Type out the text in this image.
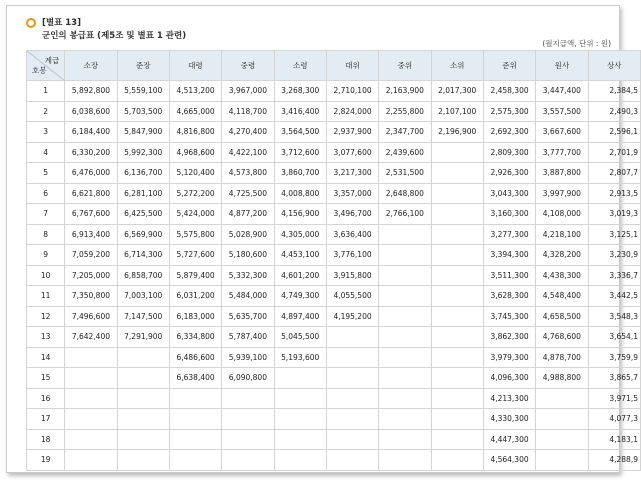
[별표 13]
군인의 봉급표 (제5조 및 별표 1 관련)
(월지급액, 단위 : 원)
계급
호봉	소장	준장	대령	중령	소령	대위	중위	소위	준위	원사	상사
1	5,892,800	5,559,100	4,513,200	3,967,000	3,268,300	2,710,100	2,163,900	2,017,300	2,458,300	3,447,400	2,384,5
2	6,038,600	5,703,500	4,665,000	4,118,700	3,416,400	2,824,000	2,255,800	2,107,100	2,575,300	3,557,500	2,490,3
3	6,184,400	5,847,900	4,816,800	4,270,400	3,564,500	2,937,900	2,347,700	2,196,900	2,692,300	3,667,600	2,596,1
4	6,330,200	5,992,300	4,968,600	4,422,100	3,712,600	3,077,600	2,439,600		2,809,300	3,777,700	2,701,9
5	6,476,000	6,136,700	5,120,400	4,573,800	3,860,700	3,217,300	2,531,500		2,926,300	3,887,800	2,807,7
6	6,621,800	6,281,100	5,272,200	4,725,500	4,008,800	3,357,000	2,648,800		3,043,300	3,997,900	2,913,5
7	6,767,600	6,425,500	5,424,000	4,877,200	4,156,900	3,496,700	2,766,100		3,160,300	4,108,000	3,019,3
8	6,913,400	6,569,900	5,575,800	5,028,900	4,305,000	3,636,400			3,277,300	4,218,100	3,125,1
9	7,059,200	6,714,300	5,727,600	5,180,600	4,453,100	3,776,100			3,394,300	4,328,200	3,230,9
10	7,205,000	6,858,700	5,879,400	5,332,300	4,601,200	3,915,800			3,511,300	4,438,300	3,336,7
11	7,350,800	7,003,100	6,031,200	5,484,000	4,749,300	4,055,500			3,628,300	4,548,400	3,442,5
12	7,496,600	7,147,500	6,183,000	5,635,700	4,897,400	4,195,200			3,745,300	4,658,500	3,548,3
13	7,642,400	7,291,900	6,334,800	5,787,400	5,045,500				3,862,300	4,768,600	3,654,1
14			6,486,600	5,939,100	5,193,600				3,979,300	4,878,700	3,759,9
15			6,638,400	6,090,800					4,096,300	4,988,800	3,865,7
16									4,213,300		3,971,5
17									4,330,300		4,077,3
18									4,447,300		4,183,1
19									4,564,300		4,288,9
